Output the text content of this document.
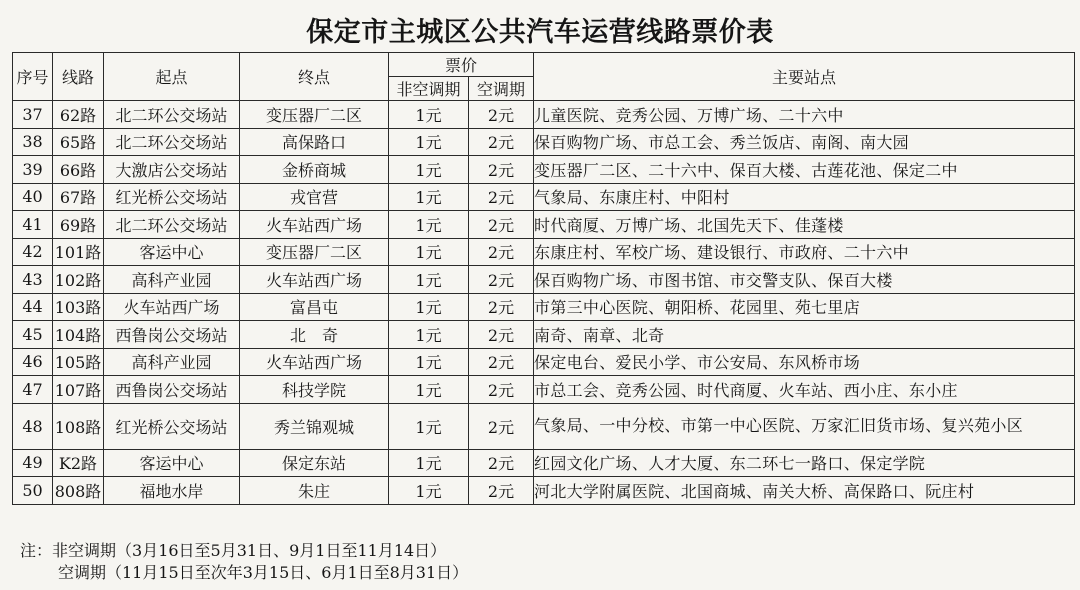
保定市主城区公共汽车运营线路票价表
序号	线路	起点	终点	票价		主要站点
				非空调期	空调期	
37	62路	北二环公交场站	变压器厂二区	1元	2元	儿童医院、竞秀公园、万博广场、二十六中
38	65路	北二环公交场站	高保路口	1元	2元	保百购物广场、市总工会、秀兰饭店、南阁、南大园
39	66路	大激店公交场站	金桥商城	1元	2元	变压器厂二区、二十六中、保百大楼、古莲花池、保定二中
40	67路	红光桥公交场站	戎官营	1元	2元	气象局、东康庄村、中阳村
41	69路	北二环公交场站	火车站西广场	1元	2元	时代商厦、万博广场、北国先天下、佳蓬楼
42	101路	客运中心	变压器厂二区	1元	2元	东康庄村、军校广场、建设银行、市政府、二十六中
43	102路	高科产业园	火车站西广场	1元	2元	保百购物广场、市图书馆、市交警支队、保百大楼
44	103路	火车站西广场	富昌屯	1元	2元	市第三中心医院、朝阳桥、花园里、苑七里店
45	104路	西鲁岗公交场站	北　奇	1元	2元	南奇、南章、北奇
46	105路	高科产业园	火车站西广场	1元	2元	保定电台、爱民小学、市公安局、东风桥市场
47	107路	西鲁岗公交场站	科技学院	1元	2元	市总工会、竞秀公园、时代商厦、火车站、西小庄、东小庄
48	108路	红光桥公交场站	秀兰锦观城	1元	2元	气象局、一中分校、市第一中心医院、万家汇旧货市场、复兴苑小区
49	K2路	客运中心	保定东站	1元	2元	红园文化广场、人才大厦、东二环七一路口、保定学院
50	808路	福地水岸	朱庄	1元	2元	河北大学附属医院、北国商城、南关大桥、高保路口、阮庄村
注：非空调期（3月16日至5月31日、9月1日至11月14日）
空调期（11月15日至次年3月15日、6月1日至8月31日）
